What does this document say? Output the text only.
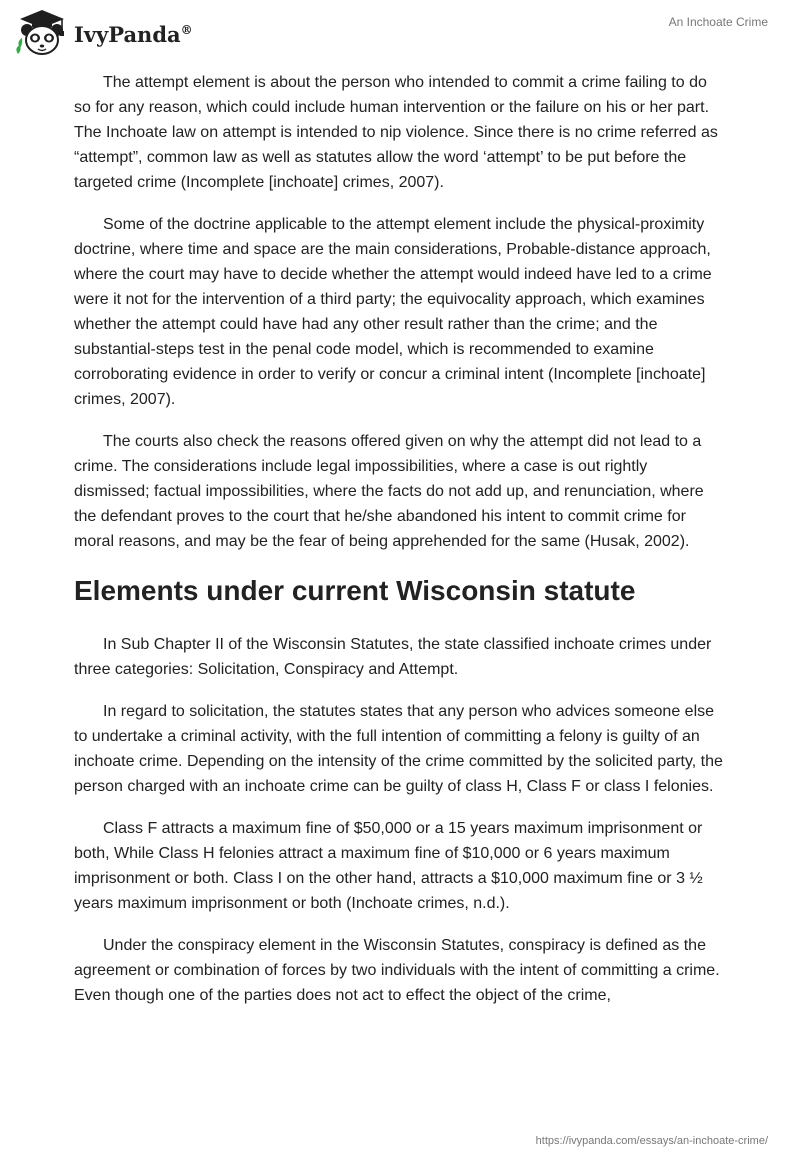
IvyPanda®
An Inchoate Crime

The attempt element is about the person who intended to commit a crime failing to do so for any reason, which could include human intervention or the failure on his or her part. The Inchoate law on attempt is intended to nip violence. Since there is no crime referred as “attempt”, common law as well as statutes allow the word ‘attempt’ to be put before the targeted crime (Incomplete [inchoate] crimes, 2007).

Some of the doctrine applicable to the attempt element include the physical-proximity doctrine, where time and space are the main considerations, Probable-distance approach, where the court may have to decide whether the attempt would indeed have led to a crime were it not for the intervention of a third party; the equivocality approach, which examines whether the attempt could have had any other result rather than the crime; and the substantial-steps test in the penal code model, which is recommended to examine corroborating evidence in order to verify or concur a criminal intent (Incomplete [inchoate] crimes, 2007).

The courts also check the reasons offered given on why the attempt did not lead to a crime. The considerations include legal impossibilities, where a case is out rightly dismissed; factual impossibilities, where the facts do not add up, and renunciation, where the defendant proves to the court that he/she abandoned his intent to commit crime for moral reasons, and may be the fear of being apprehended for the same (Husak, 2002).

Elements under current Wisconsin statute

In Sub Chapter II of the Wisconsin Statutes, the state classified inchoate crimes under three categories: Solicitation, Conspiracy and Attempt.

In regard to solicitation, the statutes states that any person who advices someone else to undertake a criminal activity, with the full intention of committing a felony is guilty of an inchoate crime. Depending on the intensity of the crime committed by the solicited party, the person charged with an inchoate crime can be guilty of class H, Class F or class I felonies.

Class F attracts a maximum fine of $50,000 or a 15 years maximum imprisonment or both, While Class H felonies attract a maximum fine of $10,000 or 6 years maximum imprisonment or both. Class I on the other hand, attracts a $10,000 maximum fine or 3 ½ years maximum imprisonment or both (Inchoate crimes, n.d.).

Under the conspiracy element in the Wisconsin Statutes, conspiracy is defined as the agreement or combination of forces by two individuals with the intent of committing a crime. Even though one of the parties does not act to effect the object of the crime,

https://ivypanda.com/essays/an-inchoate-crime/
